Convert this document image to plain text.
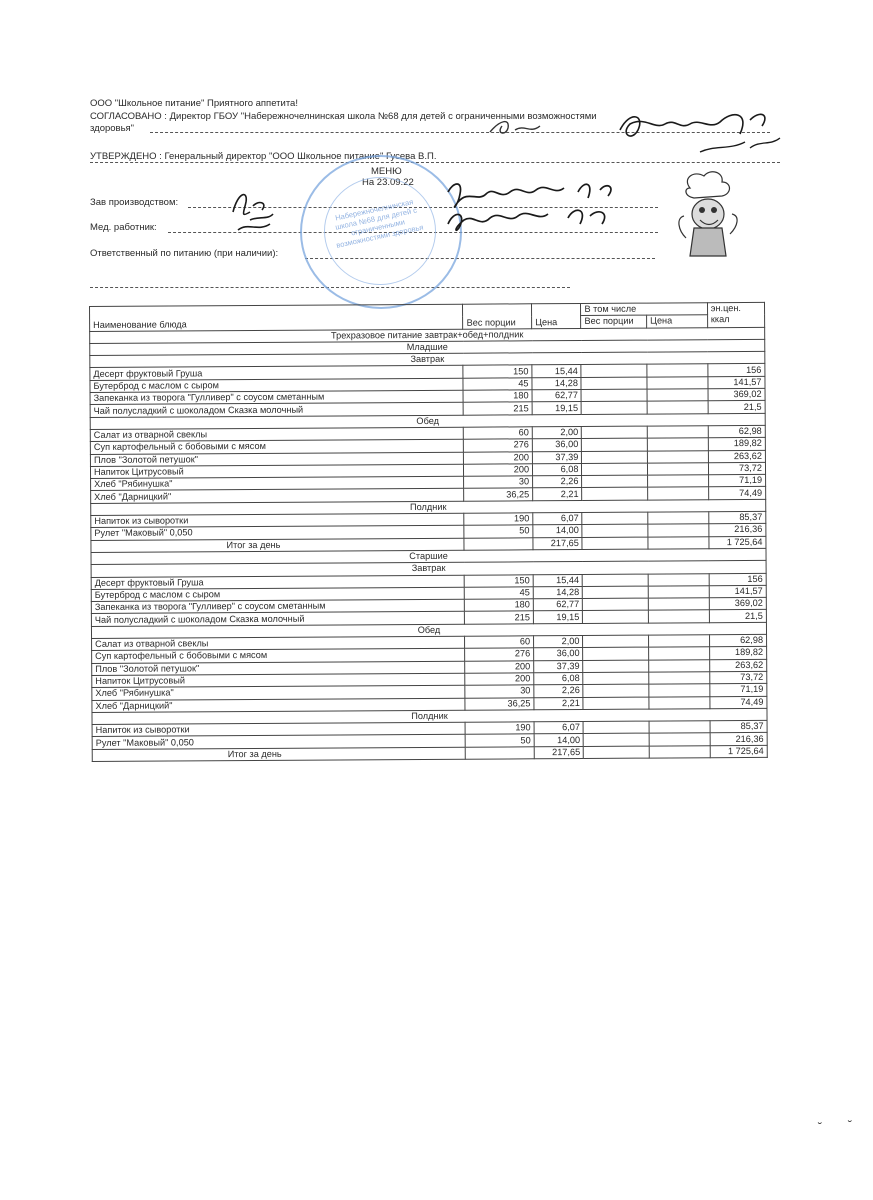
ООО "Школьное питание" Приятного аппетита!
СОГЛАСОВАНО : Директор ГБОУ "Набережночелнинская школа №68 для детей с ограниченными возможностями
здоровья"
УТВЕРЖДЕНО : Генеральный директор "ООО Школьное питание" Гусева В.П.
МЕНЮ
На 23.09.22
Зав производством:
Мед. работник:
Ответственный по питанию (при наличии):
Набережночелнинская школа №68 для детей с ограниченными возможностями здоровья
Наименование блюда	Вес порции	Цена	В том числе		эн.цен. ккал
			Вес порции	Цена	
Трехразовое питание завтрак+обед+полдник					
Младшие					
Завтрак					
Десерт фруктовый Груша	150	15,44			156
Бутерброд с маслом с сыром	45	14,28			141,57
Запеканка из творога "Гулливер" с соусом сметанным	180	62,77			369,02
Чай полусладкий с шоколадом Сказка молочный	215	19,15			21,5
Обед					
Салат из отварной свеклы	60	2,00			62,98
Суп картофельный с бобовыми с мясом	276	36,00			189,82
Плов "Золотой петушок"	200	37,39			263,62
Напиток Цитрусовый	200	6,08			73,72
Хлеб "Рябинушка"	30	2,26			71,19
Хлеб "Дарницкий"	36,25	2,21			74,49
Полдник					
Напиток из сыворотки	190	6,07			85,37
Рулет "Маковый" 0,050	50	14,00			216,36
Итог за день		217,65			1 725,64
Старшие					
Завтрак					
Десерт фруктовый Груша	150	15,44			156
Бутерброд с маслом с сыром	45	14,28			141,57
Запеканка из творога "Гулливер" с соусом сметанным	180	62,77			369,02
Чай полусладкий с шоколадом Сказка молочный	215	19,15			21,5
Обед					
Салат из отварной свеклы	60	2,00			62,98
Суп картофельный с бобовыми с мясом	276	36,00			189,82
Плов "Золотой петушок"	200	37,39			263,62
Напиток Цитрусовый	200	6,08			73,72
Хлеб "Рябинушка"	30	2,26			71,19
Хлеб "Дарницкий"	36,25	2,21			74,49
Полдник					
Напиток из сыворотки	190	6,07			85,37
Рулет "Маковый" 0,050	50	14,00			216,36
Итог за день		217,65			1 725,64
˘ ˘
